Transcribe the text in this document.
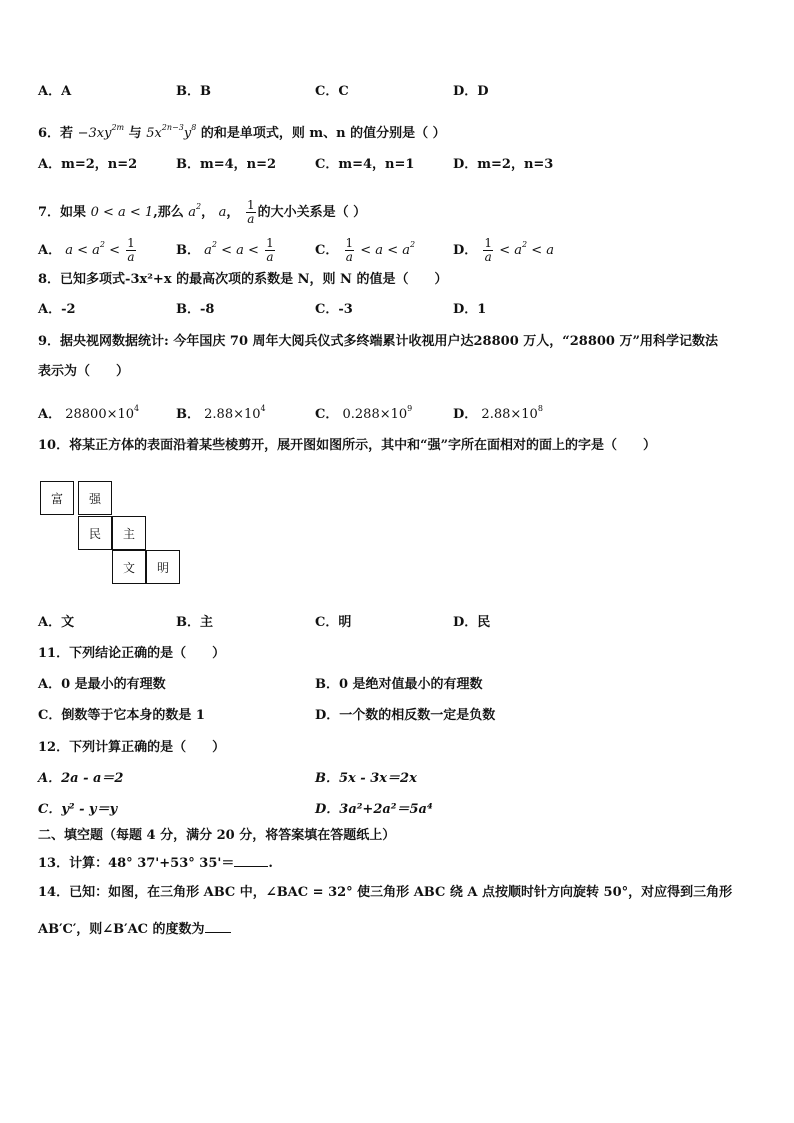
A．A	B．B	C．C	D．D
6．若 $-3xy^{2m}$ 与 $5x^{2n-3}y^8$ 的和是单项式，则 m、n 的值分别是（ ）
A．m=2，n=2	B．m=4，n=2	C．m=4，n=1	D．m=2，n=3
7．如果 0 < a < 1,那么 $a^2$， a， $\frac{1}{a}$ 的大小关系是（ ）
A． $a < a^2 < \frac{1}{a}$	B． $a^2 < a < \frac{1}{a}$	C． $\frac{1}{a} < a < a^2$	D． $\frac{1}{a} < a^2 < a$
8．已知多项式-3x²+x 的最高次项的系数是 N，则 N 的值是（　　）
A．-2	B．-8	C．-3	D．1
9．据央视网数据统计: 今年国庆 70 周年大阅兵仪式多终端累计收视用户达28800 万人，“28800 万”用科学记数法
表示为（　　）
A． $28800\times 10^4$	B． $2.88\times 10^4$	C． $0.288\times 10^9$	D． $2.88\times 10^8$
10．将某正方体的表面沿着某些棱剪开，展开图如图所示，其中和“强”字所在面相对的面上的字是（　　）
富	强
民	主
文	明
A．文	B．主	C．明	D．民
11．下列结论正确的是（　　）
A．0 是最小的有理数	B．0 是绝对值最小的有理数
C．倒数等于它本身的数是 1	D．一个数的相反数一定是负数
12．下列计算正确的是（　　）
A．2a - a＝2	B．5x - 3x＝2x
C．y² - y＝y	D．3a²+2a²＝5a⁴
二、填空题（每题 4 分，满分 20 分，将答案填在答题纸上）
13．计算：48° 37'+53° 35'＝	.
14．已知：如图，在三角形 ABC 中，∠BAC = 32° 使三角形 ABC 绕 A 点按顺时针方向旋转 50°，对应得到三角形
AB′C′，则∠B′AC 的度数为
